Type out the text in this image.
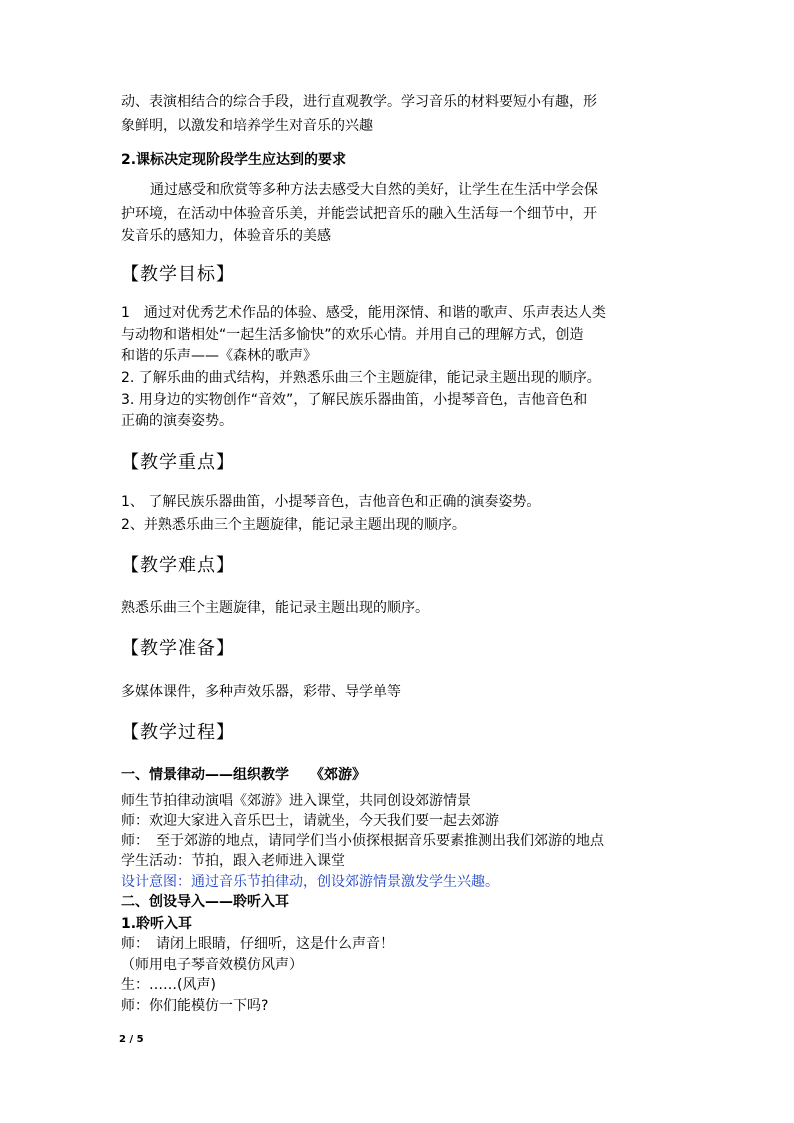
动、表演相结合的综合手段，进行直观教学。学习音乐的材料要短小有趣，形
象鲜明，以激发和培养学生对音乐的兴趣
2.课标决定现阶段学生应达到的要求
通过感受和欣赏等多种方法去感受大自然的美好，让学生在生活中学会保
护环境，在活动中体验音乐美，并能尝试把音乐的融入生活每一个细节中，开
发音乐的感知力，体验音乐的美感
【教学目标】
1　通过对优秀艺术作品的体验、感受，能用深情、和谐的歌声、乐声表达人类
与动物和谐相处“一起生活多愉快”的欢乐心情。并用自己的理解方式，创造
和谐的乐声——《森林的歌声》
2. 了解乐曲的曲式结构，并熟悉乐曲三个主题旋律，能记录主题出现的顺序。
3. 用身边的实物创作“音效”，了解民族乐器曲笛，小提琴音色，吉他音色和
正确的演奏姿势。
【教学重点】
1、 了解民族乐器曲笛，小提琴音色，吉他音色和正确的演奏姿势。
2、并熟悉乐曲三个主题旋律，能记录主题出现的顺序。
【教学难点】
熟悉乐曲三个主题旋律，能记录主题出现的顺序。
【教学准备】
多媒体课件，多种声效乐器，彩带、导学单等
【教学过程】
一、情景律动——组织教学　　《郊游》
师生节拍律动演唱《郊游》进入课堂，共同创设郊游情景
师：欢迎大家进入音乐巴士，请就坐，今天我们要一起去郊游
师：　至于郊游的地点，请同学们当小侦探根据音乐要素推测出我们郊游的地点
学生活动：节拍，跟入老师进入课堂
设计意图：通过音乐节拍律动，创设郊游情景激发学生兴趣。
二、创设导入——聆听入耳
1.聆听入耳
师：　请闭上眼睛，仔细听，这是什么声音！
（师用电子琴音效模仿风声）
生：……(风声)
师：你们能模仿一下吗?
2 / 5
